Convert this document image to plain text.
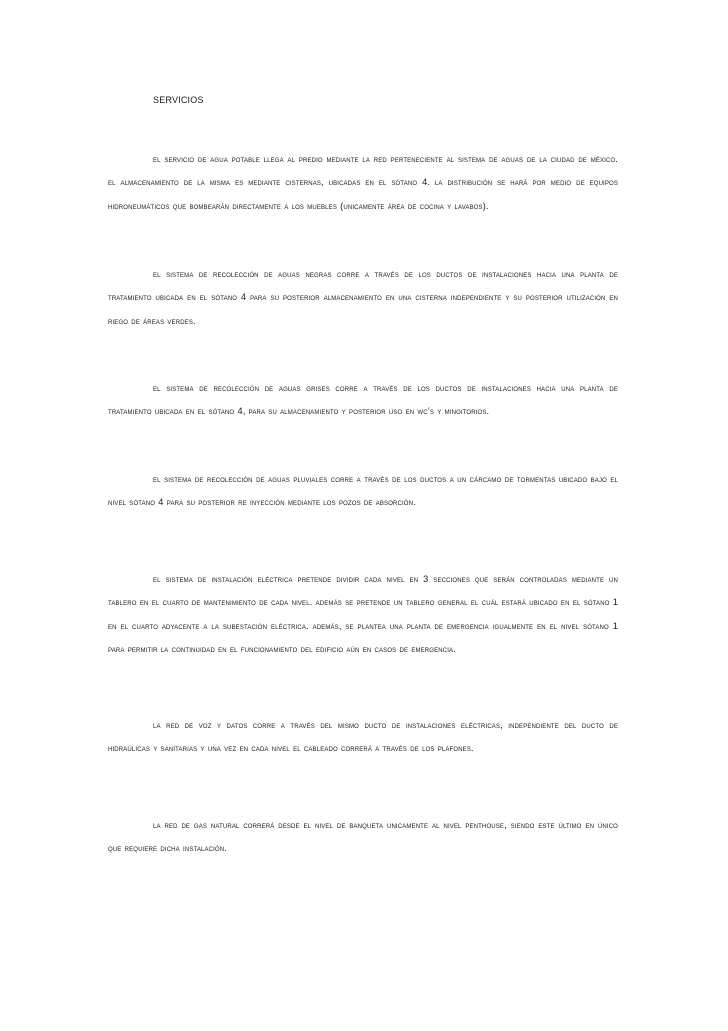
SERVICIOS

el servicio de agua potable llega al predio mediante la red perteneciente al sistema de aguas de la ciudad de méxico. el almacenamiento de la misma es mediante cisternas, ubicadas en el sótano 4. la distribución se hará por medio de equipos hidroneumáticos que bombearán directamente a los muebles (unicamente área de cocina y lavabos).

el sistema de recolección de aguas negras corre a través de los ductos de instalaciones hacia una planta de tratamiento ubicada en el sótano 4 para su posterior almacenamiento en una cisterna independiente y su posterior utilización en riego de áreas verdes.

el sistema de recolección de aguas grises corre a través de los ductos de instalaciones hacia una planta de tratamiento ubicada en el sótano 4, para su almacenamiento y posterior uso en wc’s y mingitorios.

el sistema de recolección de aguas pluviales corre a través de los ductos a un cárcamo de tormentas ubicado bajo el nivel sótano 4 para su posterior re inyección mediante los pozos de absorción.

el sistema de instalación eléctrica pretende dividir cada nivel en 3 secciones que serán controladas mediante un tablero en el cuarto de mantenimiento de cada nivel. además se pretende un tablero general el cuál estará ubicado en el sótano 1 en el cuarto adyacente a la subestación eléctrica. además, se plantea una planta de emergencia igualmente en el nivel sótano 1 para permitir la continuidad en el funcionamiento del edificio aún en casos de emergencia.

la red de voz y datos corre a través del mismo ducto de instalaciones eléctricas, independiente del ducto de hidraúlicas y sanitarias y una vez en cada nivel el cableado correrá a través de los plafones.

la red de gas natural correrá desde el nivel de banqueta unicamente al nivel penthouse, siendo este último en único que requiere dicha instalación.
